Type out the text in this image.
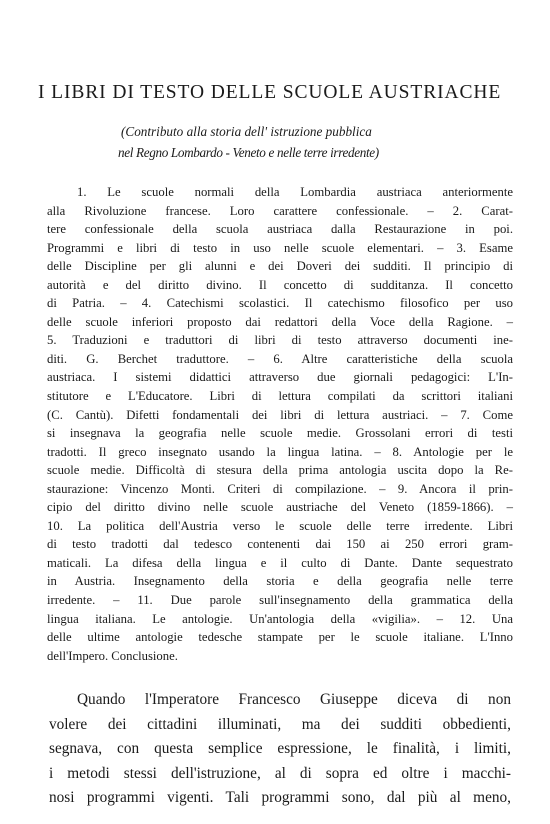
I LIBRI DI TESTO DELLE SCUOLE AUSTRIACHE
(Contributo alla storia dell' istruzione pubblica
nel Regno Lombardo - Veneto e nelle terre irredente)
1. Le scuole normali della Lombardia austriaca anteriormente
alla Rivoluzione francese. Loro carattere confessionale. – 2. Carat-
tere confessionale della scuola austriaca dalla Restaurazione in poi.
Programmi e libri di testo in uso nelle scuole elementari. – 3. Esame
delle Discipline per gli alunni e dei Doveri dei sudditi. Il principio di
autorità e del diritto divino. Il concetto di sudditanza. Il concetto
di Patria. – 4. Catechismi scolastici. Il catechismo filosofico per uso
delle scuole inferiori proposto dai redattori della Voce della Ragione. –
5. Traduzioni e traduttori di libri di testo attraverso documenti ine-
diti. G. Berchet traduttore. – 6. Altre caratteristiche della scuola
austriaca. I sistemi didattici attraverso due giornali pedagogici: L'In-
stitutore e L'Educatore. Libri di lettura compilati da scrittori italiani
(C. Cantù). Difetti fondamentali dei libri di lettura austriaci. – 7. Come
si insegnava la geografia nelle scuole medie. Grossolani errori di testi
tradotti. Il greco insegnato usando la lingua latina. – 8. Antologie per le
scuole medie. Difficoltà di stesura della prima antologia uscita dopo la Re-
staurazione: Vincenzo Monti. Criteri di compilazione. – 9. Ancora il prin-
cipio del diritto divino nelle scuole austriache del Veneto (1859-1866). –
10. La politica dell'Austria verso le scuole delle terre irredente. Libri
di testo tradotti dal tedesco contenenti dai 150 ai 250 errori gram-
maticali. La difesa della lingua e il culto di Dante. Dante sequestrato
in Austria. Insegnamento della storia e della geografia nelle terre
irredente. – 11. Due parole sull'insegnamento della grammatica della
lingua italiana. Le antologie. Un'antologia della «vigilia». – 12. Una
delle ultime antologie tedesche stampate per le scuole italiane. L'Inno
dell'Impero. Conclusione.
Quando l'Imperatore Francesco Giuseppe diceva di non
volere dei cittadini illuminati, ma dei sudditi obbedienti,
segnava, con questa semplice espressione, le finalità, i limiti,
i metodi stessi dell'istruzione, al di sopra ed oltre i macchi-
nosi programmi vigenti. Tali programmi sono, dal più al meno,
